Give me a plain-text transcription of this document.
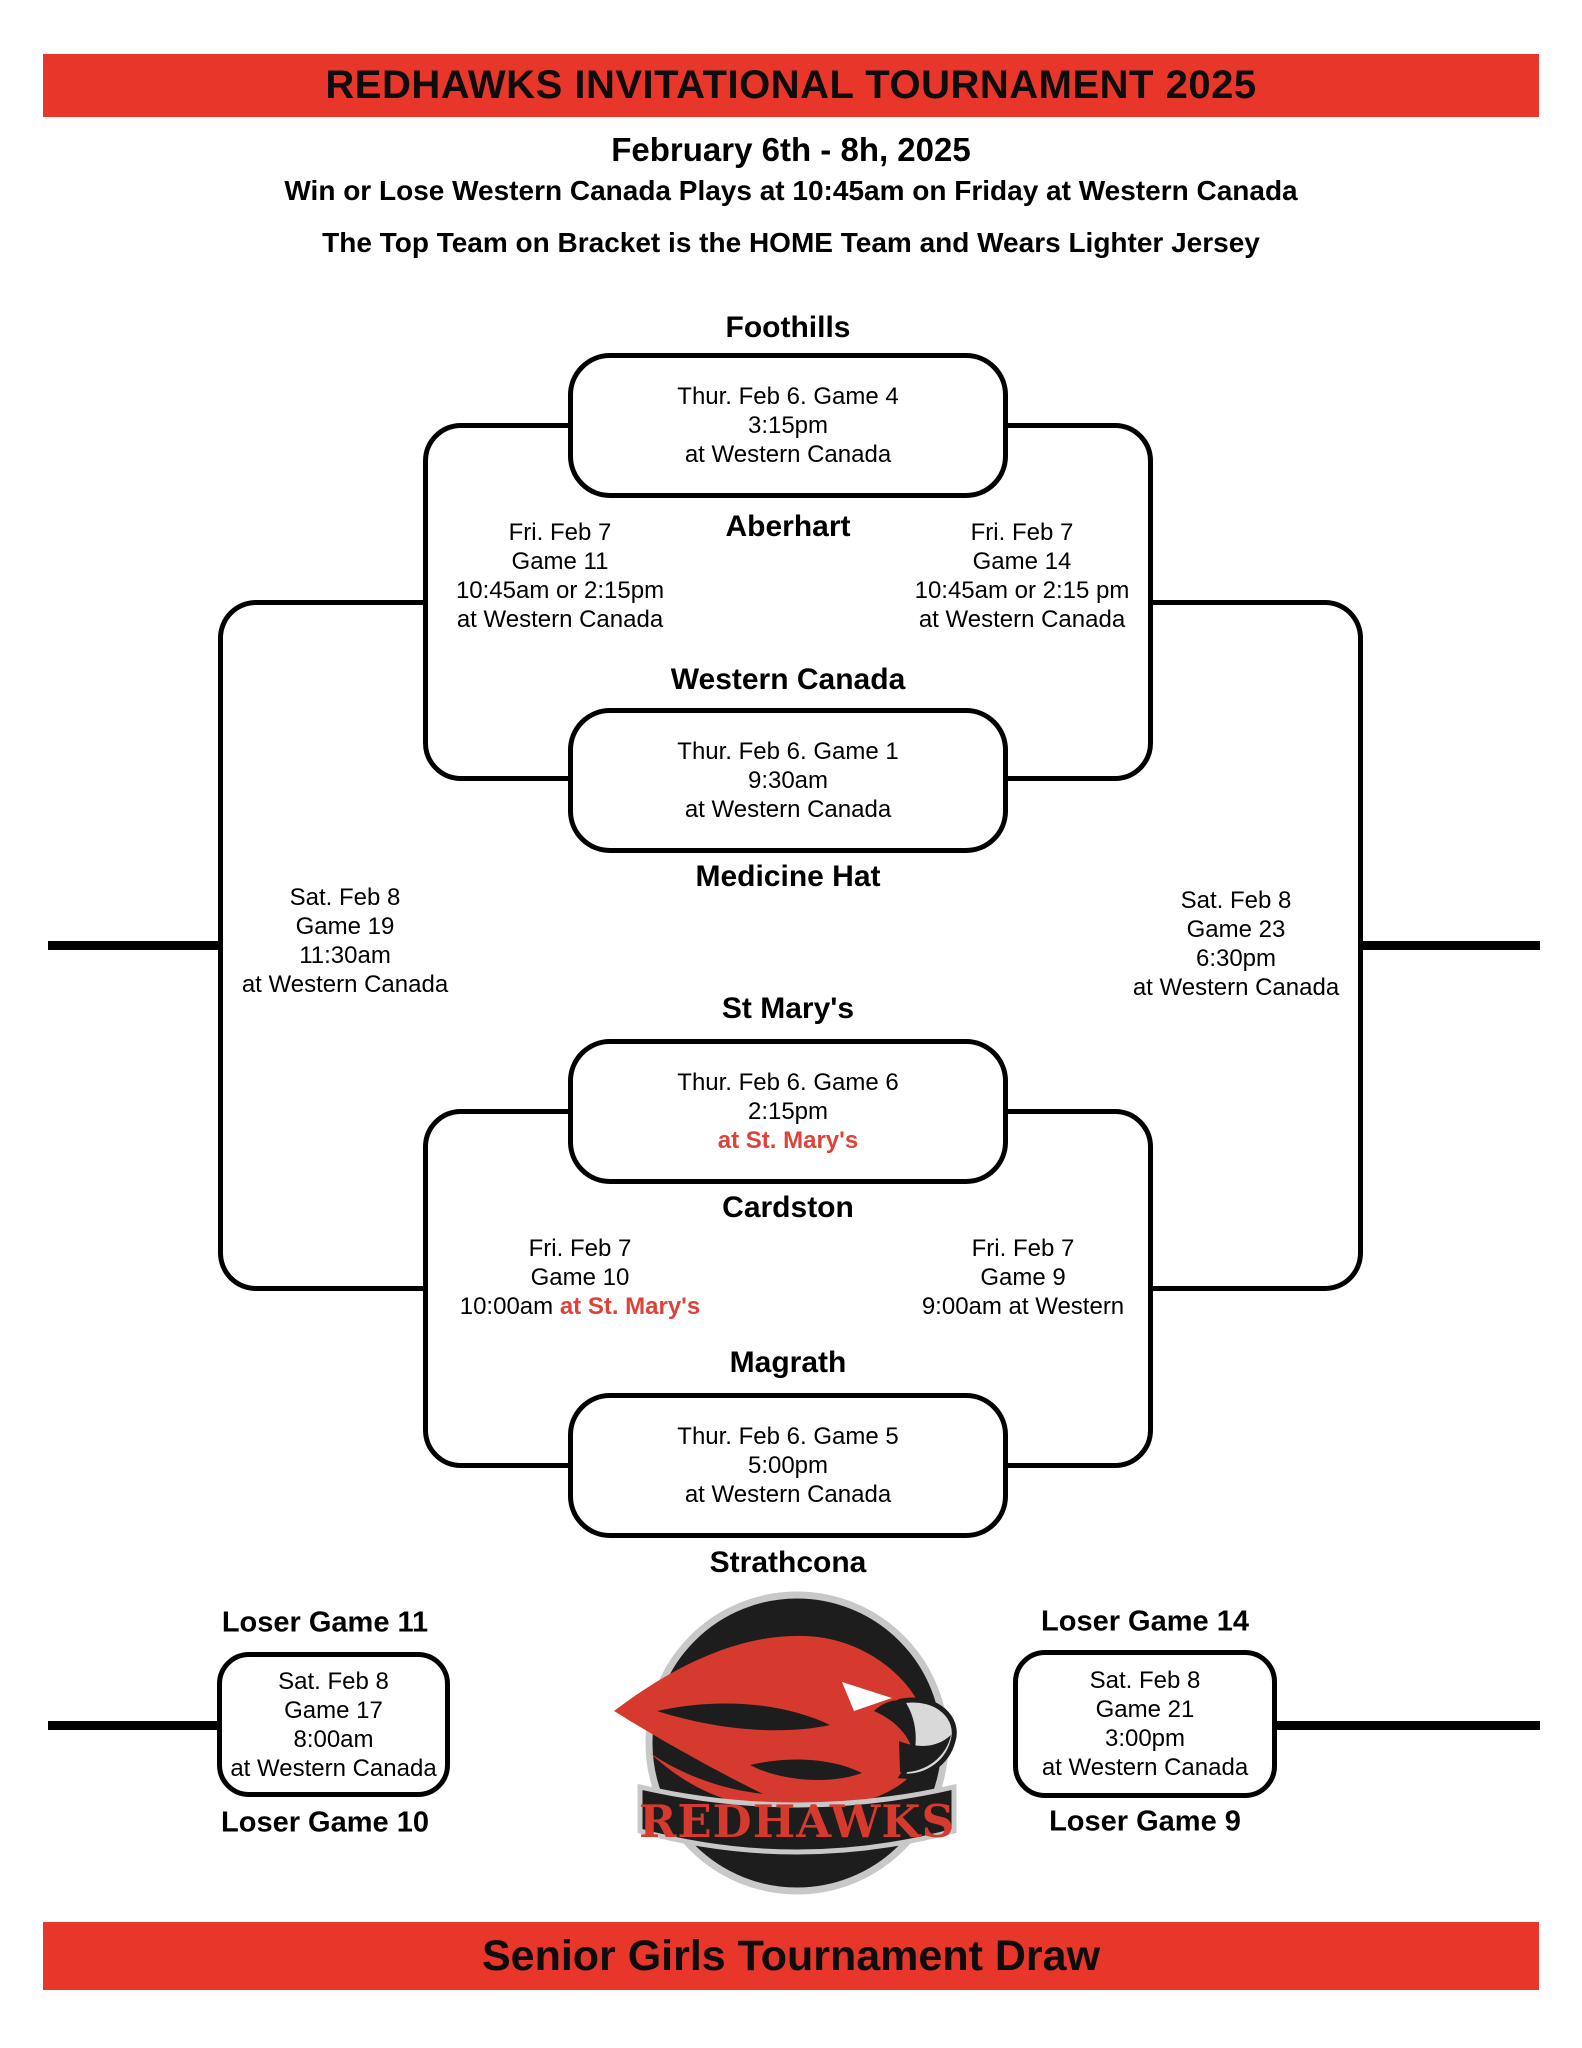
REDHAWKS INVITATIONAL TOURNAMENT 2025
February 6th - 8h, 2025
Win or Lose Western Canada Plays at 10:45am on Friday at Western Canada
The Top Team on Bracket is the HOME Team and Wears Lighter Jersey
Foothills
Aberhart
Western Canada
Medicine Hat
St Mary's
Cardston
Magrath
Strathcona
Thur. Feb 6. Game 4
3:15pm
at Western Canada
Thur. Feb 6. Game 1
9:30am
at Western Canada
Thur. Feb 6. Game 6
2:15pm
at St. Mary's
Thur. Feb 6. Game 5
5:00pm
at Western Canada
Fri. Feb 7
Game 11
10:45am or 2:15pm
at Western Canada
Fri. Feb 7
Game 14
10:45am or 2:15 pm
at Western Canada
Sat. Feb 8
Game 19
11:30am
at Western Canada
Sat. Feb 8
Game 23
6:30pm
at Western Canada
Fri. Feb 7
Game 10
10:00am at St. Mary's
Fri. Feb 7
Game 9
9:00am at Western
Loser Game 11
Sat. Feb 8
Game 17
8:00am
at Western Canada
Loser Game 10
Loser Game 14
Sat. Feb 8
Game 21
3:00pm
at Western Canada
Loser Game 9
REDHAWKS
Senior Girls Tournament Draw
